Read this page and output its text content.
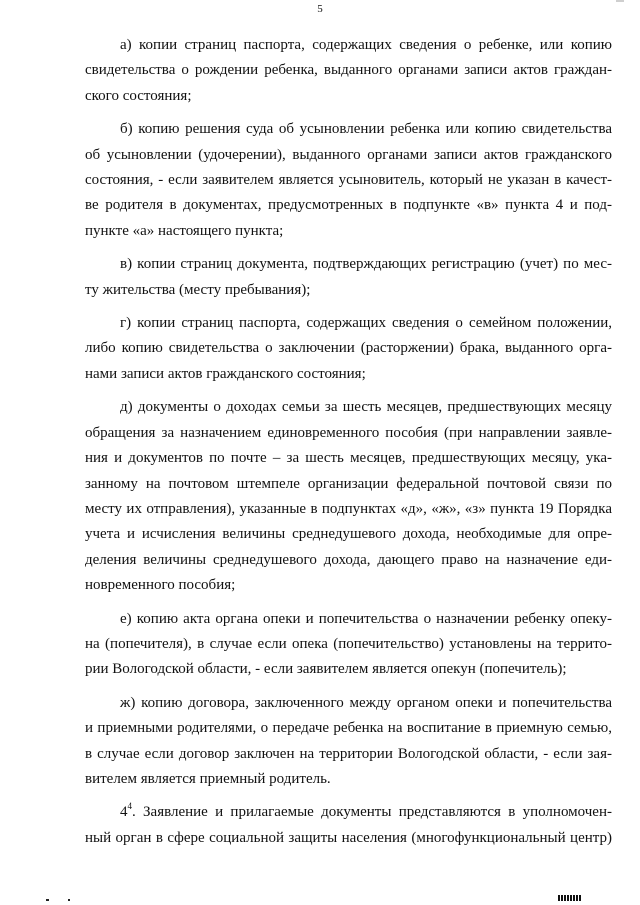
5
а) копии страниц паспорта, содержащих сведения о ребенке, или копию
свидетельства о рождении ребенка, выданного органами записи актов граждан-
ского состояния;
б) копию решения суда об усыновлении ребенка или копию свидетельства
об усыновлении (удочерении), выданного органами записи актов гражданского
состояния, - если заявителем является усыновитель, который не указан в качест-
ве родителя в документах, предусмотренных в подпункте «в» пункта 4 и под-
пункте «а» настоящего пункта;
в) копии страниц документа, подтверждающих регистрацию (учет) по мес-
ту жительства (месту пребывания);
г) копии страниц паспорта, содержащих сведения о семейном положении,
либо копию свидетельства о заключении (расторжении) брака, выданного орга-
нами записи актов гражданского состояния;
д) документы о доходах семьи за шесть месяцев, предшествующих месяцу
обращения за назначением единовременного пособия (при направлении заявле-
ния и документов по почте – за шесть месяцев, предшествующих месяцу, ука-
занному на почтовом штемпеле организации федеральной почтовой связи по
месту их отправления), указанные в подпунктах «д», «ж», «з» пункта 19 Порядка
учета и исчисления величины среднедушевого дохода, необходимые для опре-
деления величины среднедушевого дохода, дающего право на назначение еди-
новременного пособия;
е) копию акта органа опеки и попечительства о назначении ребенку опеку-
на (попечителя), в случае если опека (попечительство) установлены на террито-
рии Вологодской области, - если заявителем является опекун (попечитель);
ж) копию договора, заключенного между органом опеки и попечительства
и приемными родителями, о передаче ребенка на воспитание в приемную семью,
в случае если договор заключен на территории Вологодской области, - если зая-
вителем является приемный родитель.
$4^4$. Заявление и прилагаемые документы представляются в уполномочен-
ный орган в сфере социальной защиты населения (многофункциональный центр)
